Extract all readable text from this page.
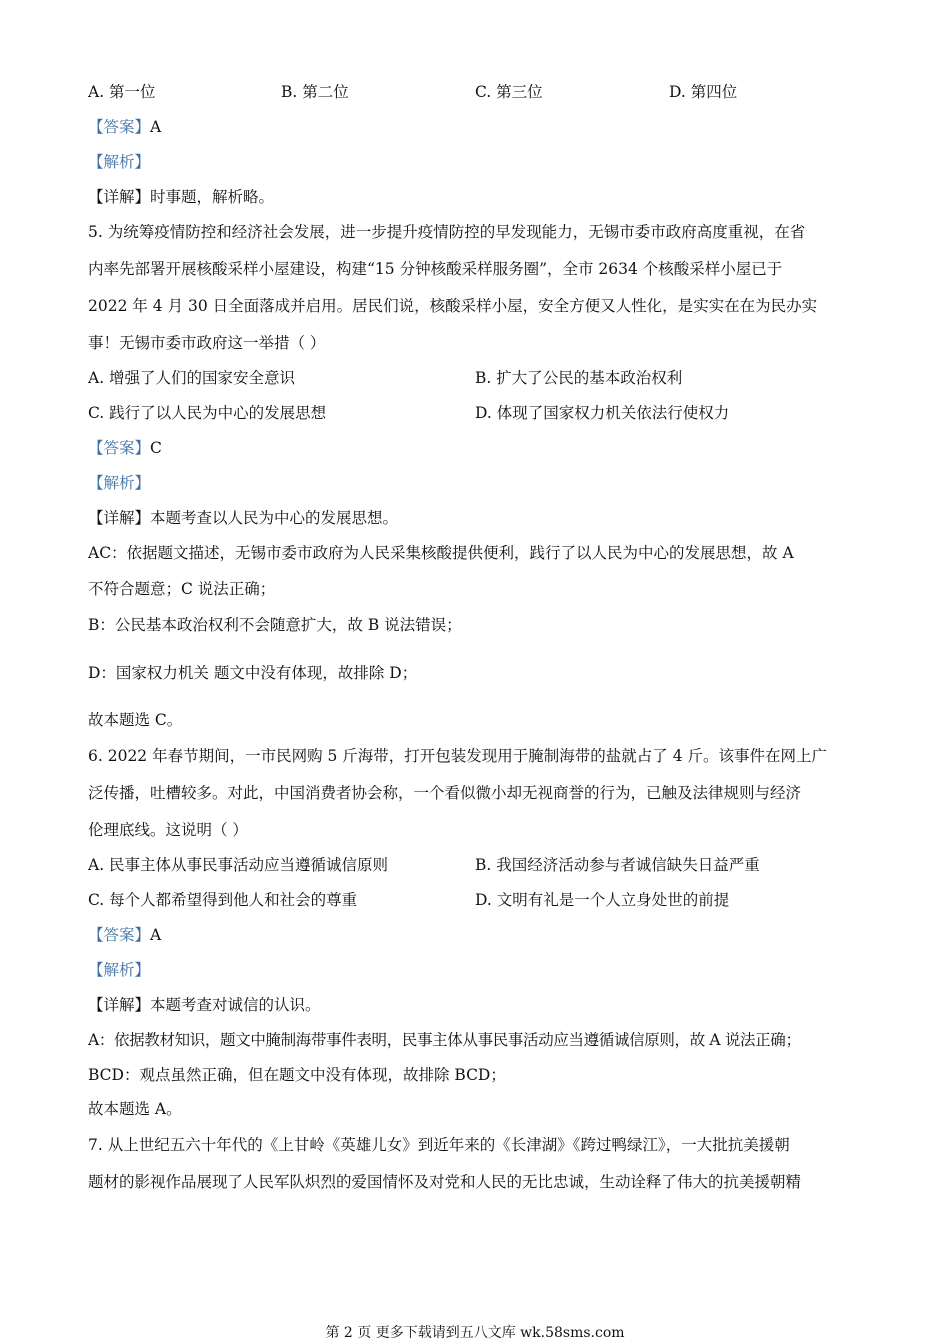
A. 第一位	B. 第二位	C. 第三位	D. 第四位
【答案】A
【解析】
【详解】时事题，解析略。
5. 为统筹疫情防控和经济社会发展，进一步提升疫情防控的早发现能力，无锡市委市政府高度重视，在省
内率先部署开展核酸采样小屋建设，构建“15 分钟核酸采样服务圈”，全市 2634 个核酸采样小屋已于
2022 年 4 月 30 日全面落成并启用。居民们说，核酸采样小屋，安全方便又人性化，是实实在在为民办实
事！无锡市委市政府这一举措（ ）
A. 增强了人们的国家安全意识	B. 扩大了公民的基本政治权利
C. 践行了以人民为中心的发展思想	D. 体现了国家权力机关依法行使权力
【答案】C
【解析】
【详解】本题考查以人民为中心的发展思想。
AC：依据题文描述，无锡市委市政府为人民采集核酸提供便利，践行了以人民为中心的发展思想，故 A
不符合题意；C 说法正确；
B：公民基本政治权利不会随意扩大，故 B 说法错误；
D：国家权力机关 题文中没有体现，故排除 D；
故本题选 C。
6. 2022 年春节期间，一市民网购 5 斤海带，打开包装发现用于腌制海带的盐就占了 4 斤。该事件在网上广
泛传播，吐槽较多。对此，中国消费者协会称，一个看似微小却无视商誉的行为，已触及法律规则与经济
伦理底线。这说明（ ）
A. 民事主体从事民事活动应当遵循诚信原则	B. 我国经济活动参与者诚信缺失日益严重
C. 每个人都希望得到他人和社会的尊重	D. 文明有礼是一个人立身处世的前提
【答案】A
【解析】
【详解】本题考查对诚信的认识。
A：依据教材知识，题文中腌制海带事件表明，民事主体从事民事活动应当遵循诚信原则，故 A 说法正确；
BCD：观点虽然正确，但在题文中没有体现，故排除 BCD；
故本题选 A。
7. 从上世纪五六十年代的《上甘岭《英雄儿女》到近年来的《长津湖》《跨过鸭绿江》，一大批抗美援朝
题材的影视作品展现了人民军队炽烈的爱国情怀及对党和人民的无比忠诚，生动诠释了伟大的抗美援朝精
第 2 页 更多下载请到五八文库 wk.58sms.com
